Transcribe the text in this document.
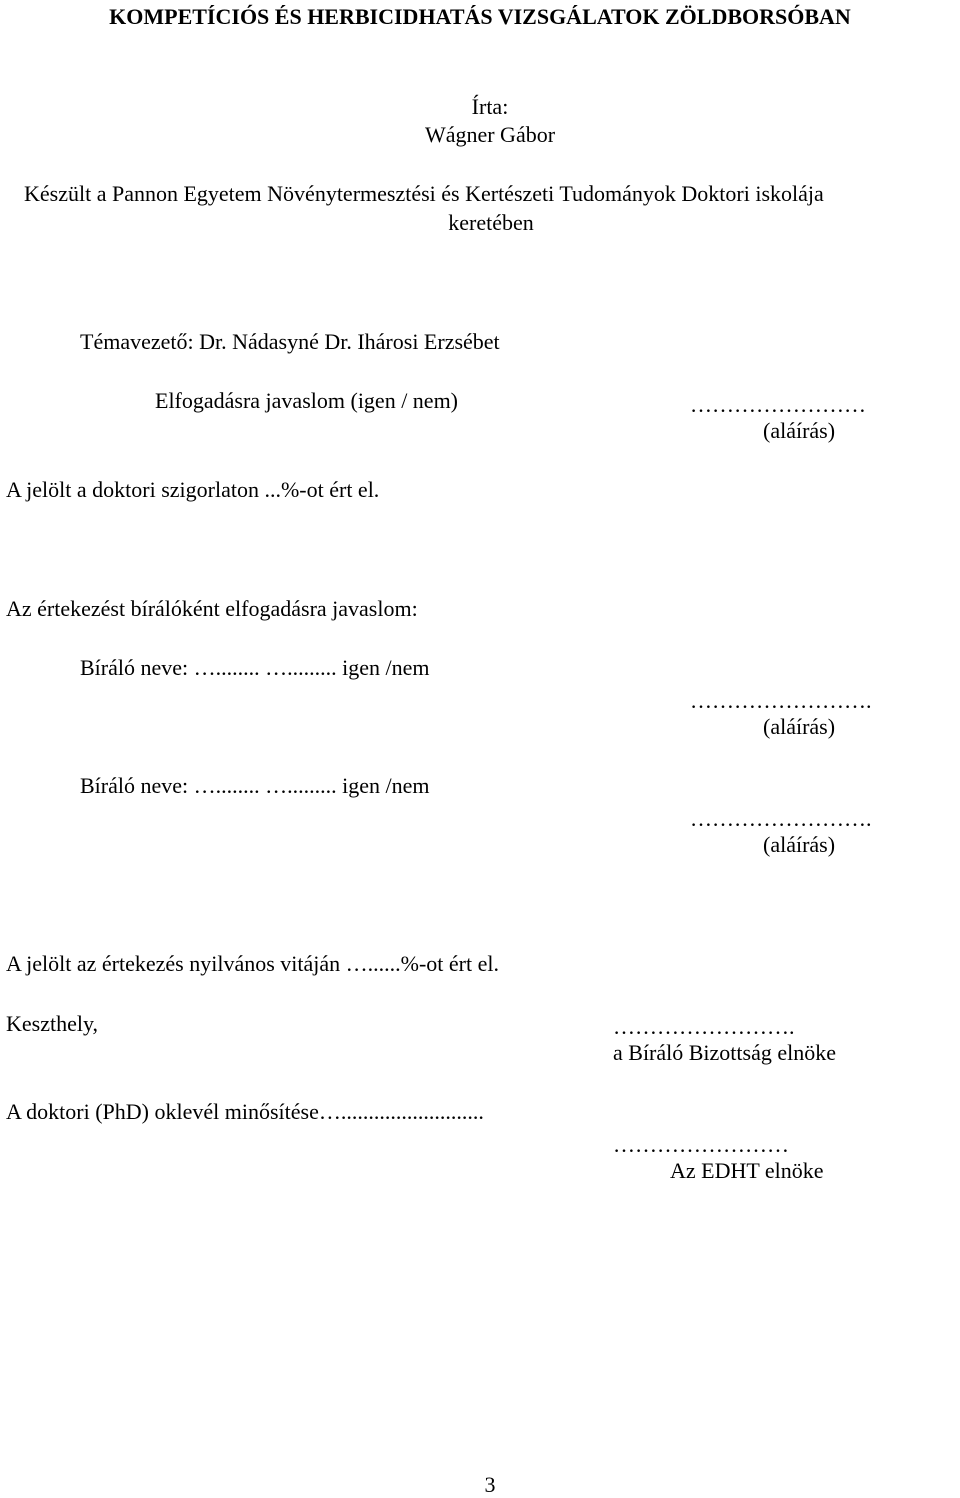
KOMPETÍCIÓS ÉS HERBICIDHATÁS VIZSGÁLATOK ZÖLDBORSÓBAN
Írta:
Wágner Gábor
Készült a Pannon Egyetem Növénytermesztési és Kertészeti Tudományok Doktori iskolája
keretében
Témavezető: Dr. Nádasyné Dr. Ihárosi Erzsébet
Elfogadásra javaslom (igen / nem)	……………………
(aláírás)
A jelölt a doktori szigorlaton ...%-ot ért el.
Az értekezést bírálóként elfogadásra javaslom:
Bíráló neve: …........ …......... igen /nem
…………………….
(aláírás)
Bíráló neve: …........ …......... igen /nem
…………………….
(aláírás)
A jelölt az értekezés nyilvános vitáján …......%-ot ért el.
Keszthely,	…………………….
a Bíráló Bizottság elnöke
A doktori (PhD) oklevél minősítése…..........................
……………………
Az EDHT elnöke
3
